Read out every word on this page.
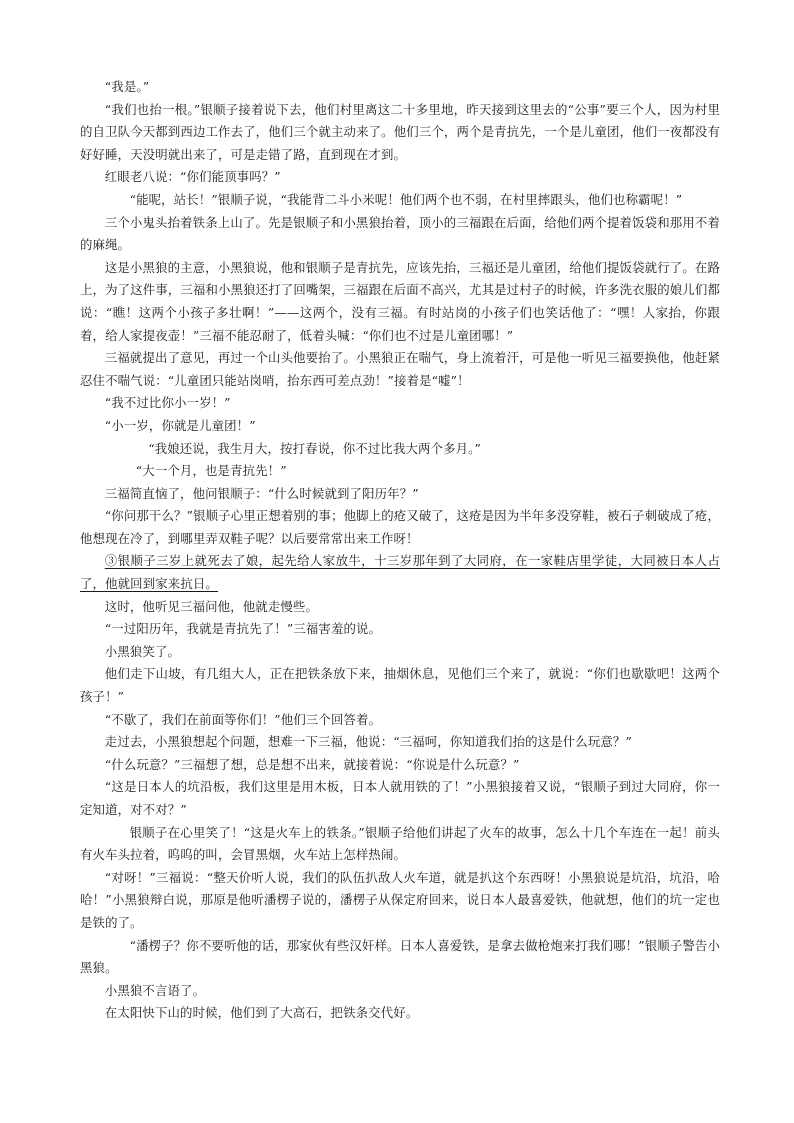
“我是。”

“我们也抬一根。”银顺子接着说下去，他们村里离这二十多里地，昨天接到这里去的“公事”要三个人，因为村里的自卫队今天都到西边工作去了，他们三个就主动来了。他们三个，两个是青抗先，一个是儿童团，他们一夜都没有好好睡，天没明就出来了，可是走错了路，直到现在才到。

红眼老八说：“你们能顶事吗？”

“能呢，站长！”银顺子说，“我能背二斗小米呢！他们两个也不弱，在村里摔跟头，他们也称霸呢！”

三个小鬼头抬着铁条上山了。先是银顺子和小黑狼抬着，顶小的三福跟在后面，给他们两个提着饭袋和那用不着的麻绳。

这是小黑狼的主意，小黑狼说，他和银顺子是青抗先，应该先抬，三福还是儿童团，给他们提饭袋就行了。在路上，为了这件事，三福和小黑狼还打了回嘴架，三福跟在后面不高兴，尤其是过村子的时候，许多洗衣服的娘儿们都说：“瞧！这两个小孩子多壮啊！”——这两个，没有三福。有时站岗的小孩子们也笑话他了：“嘿！人家抬，你跟着，给人家提夜壶！”三福不能忍耐了，低着头喊：“你们也不过是儿童团哪！”

三福就提出了意见，再过一个山头他要抬了。小黑狼正在喘气，身上流着汗，可是他一听见三福要换他，他赶紧忍住不喘气说：“儿童团只能站岗哨，抬东西可差点劲！”接着是“嘘”！

“我不过比你小一岁！”

“小一岁，你就是儿童团！”

“我娘还说，我生月大，按打春说，你不过比我大两个多月。”

“大一个月，也是青抗先！”

三福简直恼了，他问银顺子：“什么时候就到了阳历年？”

“你问那干么？”银顺子心里正想着别的事；他脚上的疮又破了，这疮是因为半年多没穿鞋，被石子刺破成了疮，他想现在冷了，到哪里弄双鞋子呢？以后要常常出来工作呀！

③银顺子三岁上就死去了娘，起先给人家放牛，十三岁那年到了大同府，在一家鞋店里学徒，大同被日本人占了，他就回到家来抗日。

这时，他听见三福问他，他就走慢些。

“一过阳历年，我就是青抗先了！”三福害羞的说。

小黑狼笑了。

他们走下山坡，有几组大人，正在把铁条放下来，抽烟休息，见他们三个来了，就说：“你们也歇歇吧！这两个孩子！”

“不歇了，我们在前面等你们！”他们三个回答着。

走过去，小黑狼想起个问题，想难一下三福，他说：“三福呵，你知道我们抬的这是什么玩意？”

“什么玩意？”三福想了想，总是想不出来，就接着说：“你说是什么玩意？”

“这是日本人的坑沿板，我们这里是用木板，日本人就用铁的了！”小黑狼接着又说，“银顺子到过大同府，你一定知道，对不对？”

银顺子在心里笑了！“这是火车上的铁条。”银顺子给他们讲起了火车的故事，怎么十几个车连在一起！前头有火车头拉着，呜呜的叫，会冒黑烟，火车站上怎样热闹。

“对呀！”三福说：“整天价听人说，我们的队伍扒敌人火车道，就是扒这个东西呀！小黑狼说是坑沿，坑沿，哈哈！”小黑狼辩白说，那原是他听潘楞子说的，潘楞子从保定府回来，说日本人最喜爱铁，他就想，他们的坑一定也是铁的了。

“潘楞子？你不要听他的话，那家伙有些汉奸样。日本人喜爱铁，是拿去做枪炮来打我们哪！”银顺子警告小黑狼。

小黑狼不言语了。

在太阳快下山的时候，他们到了大高石，把铁条交代好。
